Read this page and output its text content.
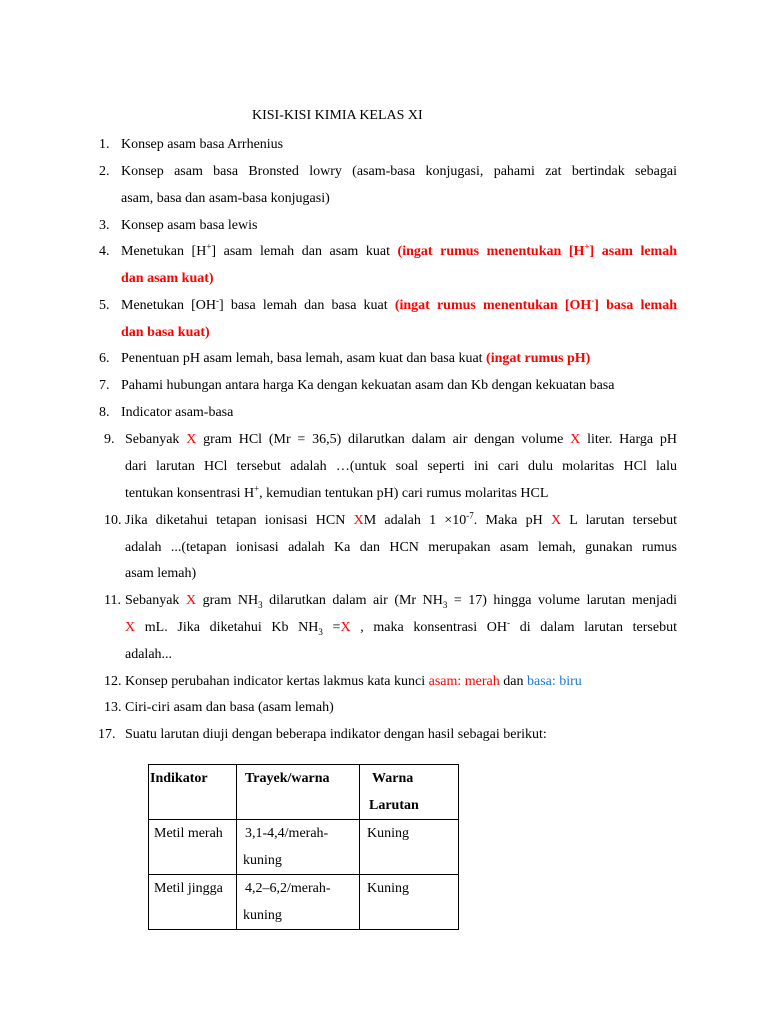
KISI-KISI KIMIA KELAS XI
1. Konsep asam basa Arrhenius
2. Konsep asam basa Bronsted lowry (asam-basa konjugasi, pahami zat bertindak sebagai
asam, basa dan asam-basa konjugasi)
3. Konsep asam basa lewis
4. Menetukan [H+] asam lemah dan asam kuat (ingat rumus menentukan [H+] asam lemah
dan asam kuat)
5. Menetukan [OH-] basa lemah dan basa kuat (ingat rumus menentukan [OH-] basa lemah
dan basa kuat)
6. Penentuan pH asam lemah, basa lemah, asam kuat dan basa kuat (ingat rumus pH)
7. Pahami hubungan antara harga Ka dengan kekuatan asam dan Kb dengan kekuatan basa
8. Indicator asam-basa
9. Sebanyak X gram HCl (Mr = 36,5) dilarutkan dalam air dengan volume X liter. Harga pH
dari larutan HCl tersebut adalah …(untuk soal seperti ini cari dulu molaritas HCl lalu
tentukan konsentrasi H+, kemudian tentukan pH) cari rumus molaritas HCL
10. Jika diketahui tetapan ionisasi HCN XM adalah $1 \times 10^{-7}$. Maka pH X L larutan tersebut
adalah ...(tetapan ionisasi adalah Ka dan HCN merupakan asam lemah, gunakan rumus
asam lemah)
11. Sebanyak X gram $NH_3$ dilarutkan dalam air (Mr $NH_3 = 17$) hingga volume larutan menjadi
X mL. Jika diketahui Kb $NH_3 =X$ , maka konsentrasi OH- di dalam larutan tersebut
adalah...
12. Konsep perubahan indicator kertas lakmus kata kunci asam: merah dan basa: biru
13. Ciri-ciri asam dan basa (asam lemah)
17. Suatu larutan diuji dengan beberapa indikator dengan hasil sebagai berikut:
Indikator	Trayek/warna	Warna
Larutan

Metil merah	3,1-4,4/merah-
kuning	Kuning

Metil jingga	4,2–6,2/merah-
kuning	Kuning
